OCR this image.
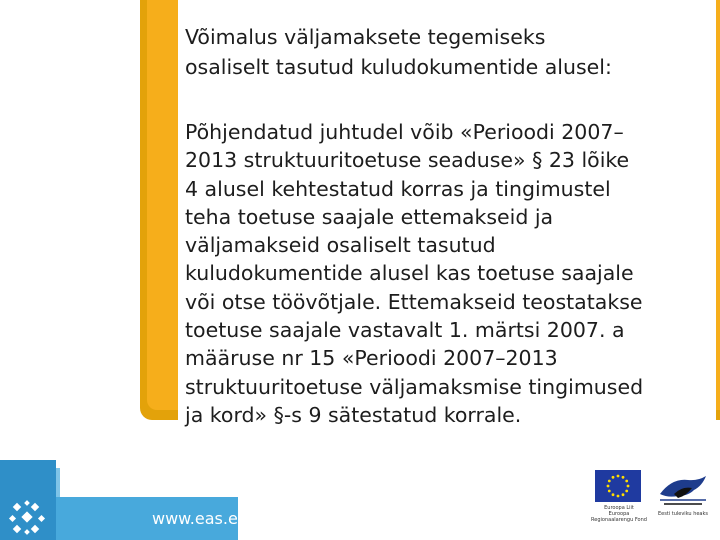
Võimalus väljamaksete tegemiseks
osaliselt tasutud kuludokumentide alusel:

Põhjendatud juhtudel võib «Perioodi 2007–
2013 struktuuritoetuse seaduse» § 23 lõike
4 alusel kehtestatud korras ja tingimustel
teha toetuse saajale ettemakseid ja
väljamakseid osaliselt tasutud
kuludokumentide alusel kas toetuse saajale
või otse töövõtjale. Ettemakseid teostatakse
toetuse saajale vastavalt 1. märtsi 2007. a
määruse nr 15 «Perioodi 2007–2013
struktuuritoetuse väljamaksmise tingimused
ja kord» §-s 9 sätestatud korrale.

www.eas.ee
Euroopa Liit
Euroopa
Regionaalarengu Fond
Eesti tuleviku heaks
